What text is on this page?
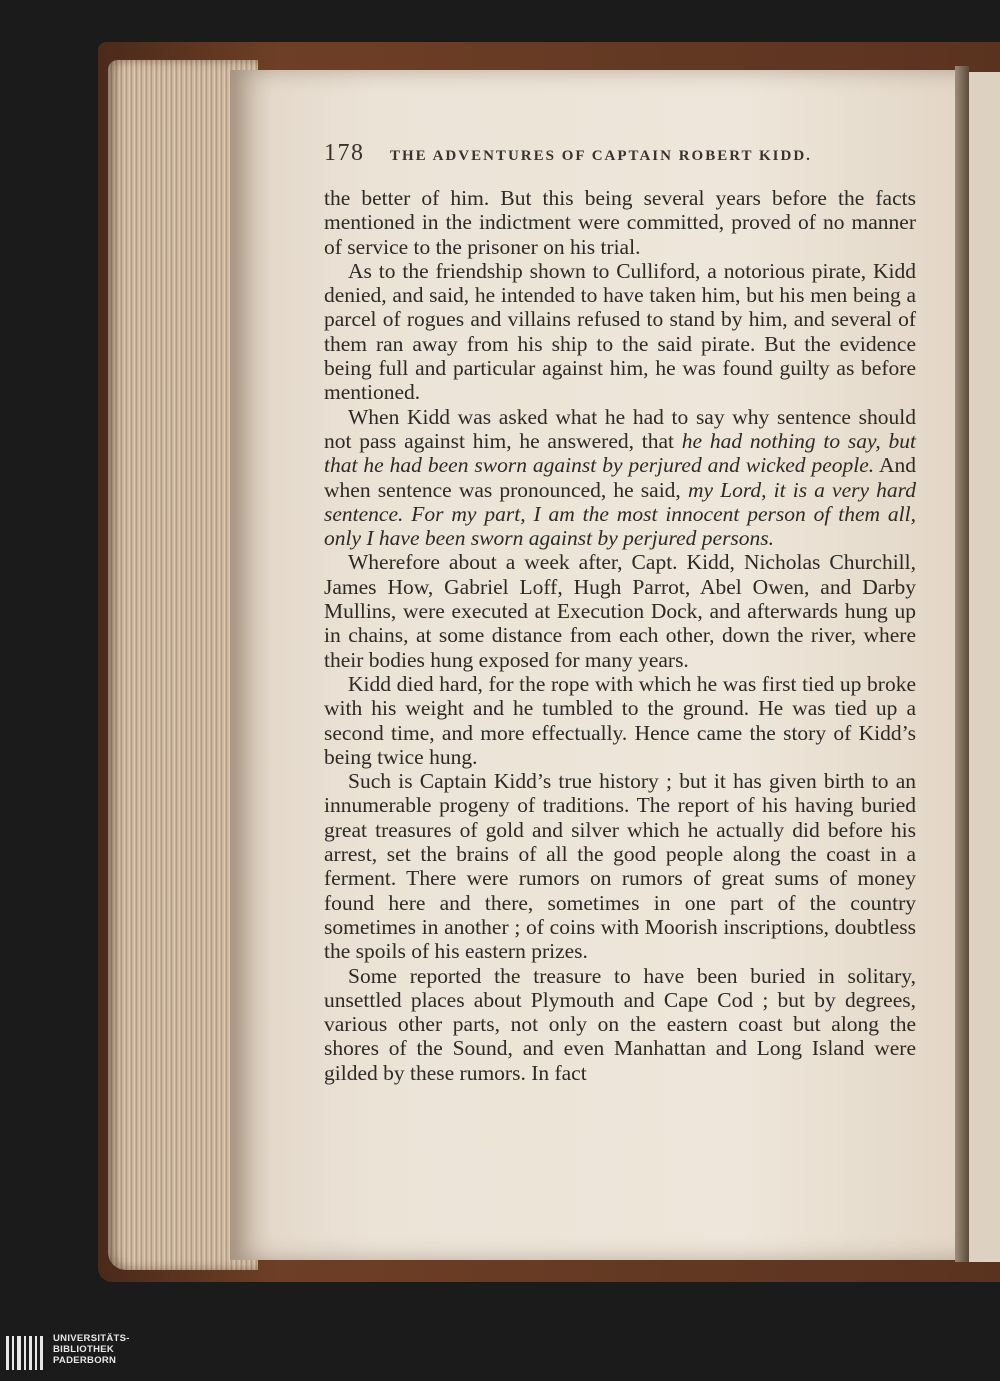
178 THE ADVENTURES OF CAPTAIN ROBERT KIDD.

the better of him. But this being several years before the facts mentioned in the indictment were committed, proved of no manner of service to the prisoner on his trial.

As to the friendship shown to Culliford, a notorious pirate, Kidd denied, and said, he intended to have taken him, but his men being a parcel of rogues and villains refused to stand by him, and several of them ran away from his ship to the said pirate. But the evidence being full and particular against him, he was found guilty as before mentioned.

When Kidd was asked what he had to say why sentence should not pass against him, he answered, that he had nothing to say, but that he had been sworn against by perjured and wicked people. And when sentence was pronounced, he said, my Lord, it is a very hard sentence. For my part, I am the most innocent person of them all, only I have been sworn against by perjured persons.

Wherefore about a week after, Capt. Kidd, Nicholas Churchill, James How, Gabriel Loff, Hugh Parrot, Abel Owen, and Darby Mullins, were executed at Execution Dock, and afterwards hung up in chains, at some distance from each other, down the river, where their bodies hung exposed for many years.

Kidd died hard, for the rope with which he was first tied up broke with his weight and he tumbled to the ground. He was tied up a second time, and more effectually. Hence came the story of Kidd’s being twice hung.

Such is Captain Kidd’s true history ; but it has given birth to an innumerable progeny of traditions. The report of his having buried great treasures of gold and silver which he actually did before his arrest, set the brains of all the good people along the coast in a ferment. There were rumors on rumors of great sums of money found here and there, sometimes in one part of the country sometimes in another ; of coins with Moorish inscriptions, doubtless the spoils of his eastern prizes.

Some reported the treasure to have been buried in solitary, unsettled places about Plymouth and Cape Cod ; but by degrees, various other parts, not only on the eastern coast but along the shores of the Sound, and even Manhattan and Long Island were gilded by these rumors. In fact

UNIVERSITÄTS-
BIBLIOTHEK
PADERBORN
